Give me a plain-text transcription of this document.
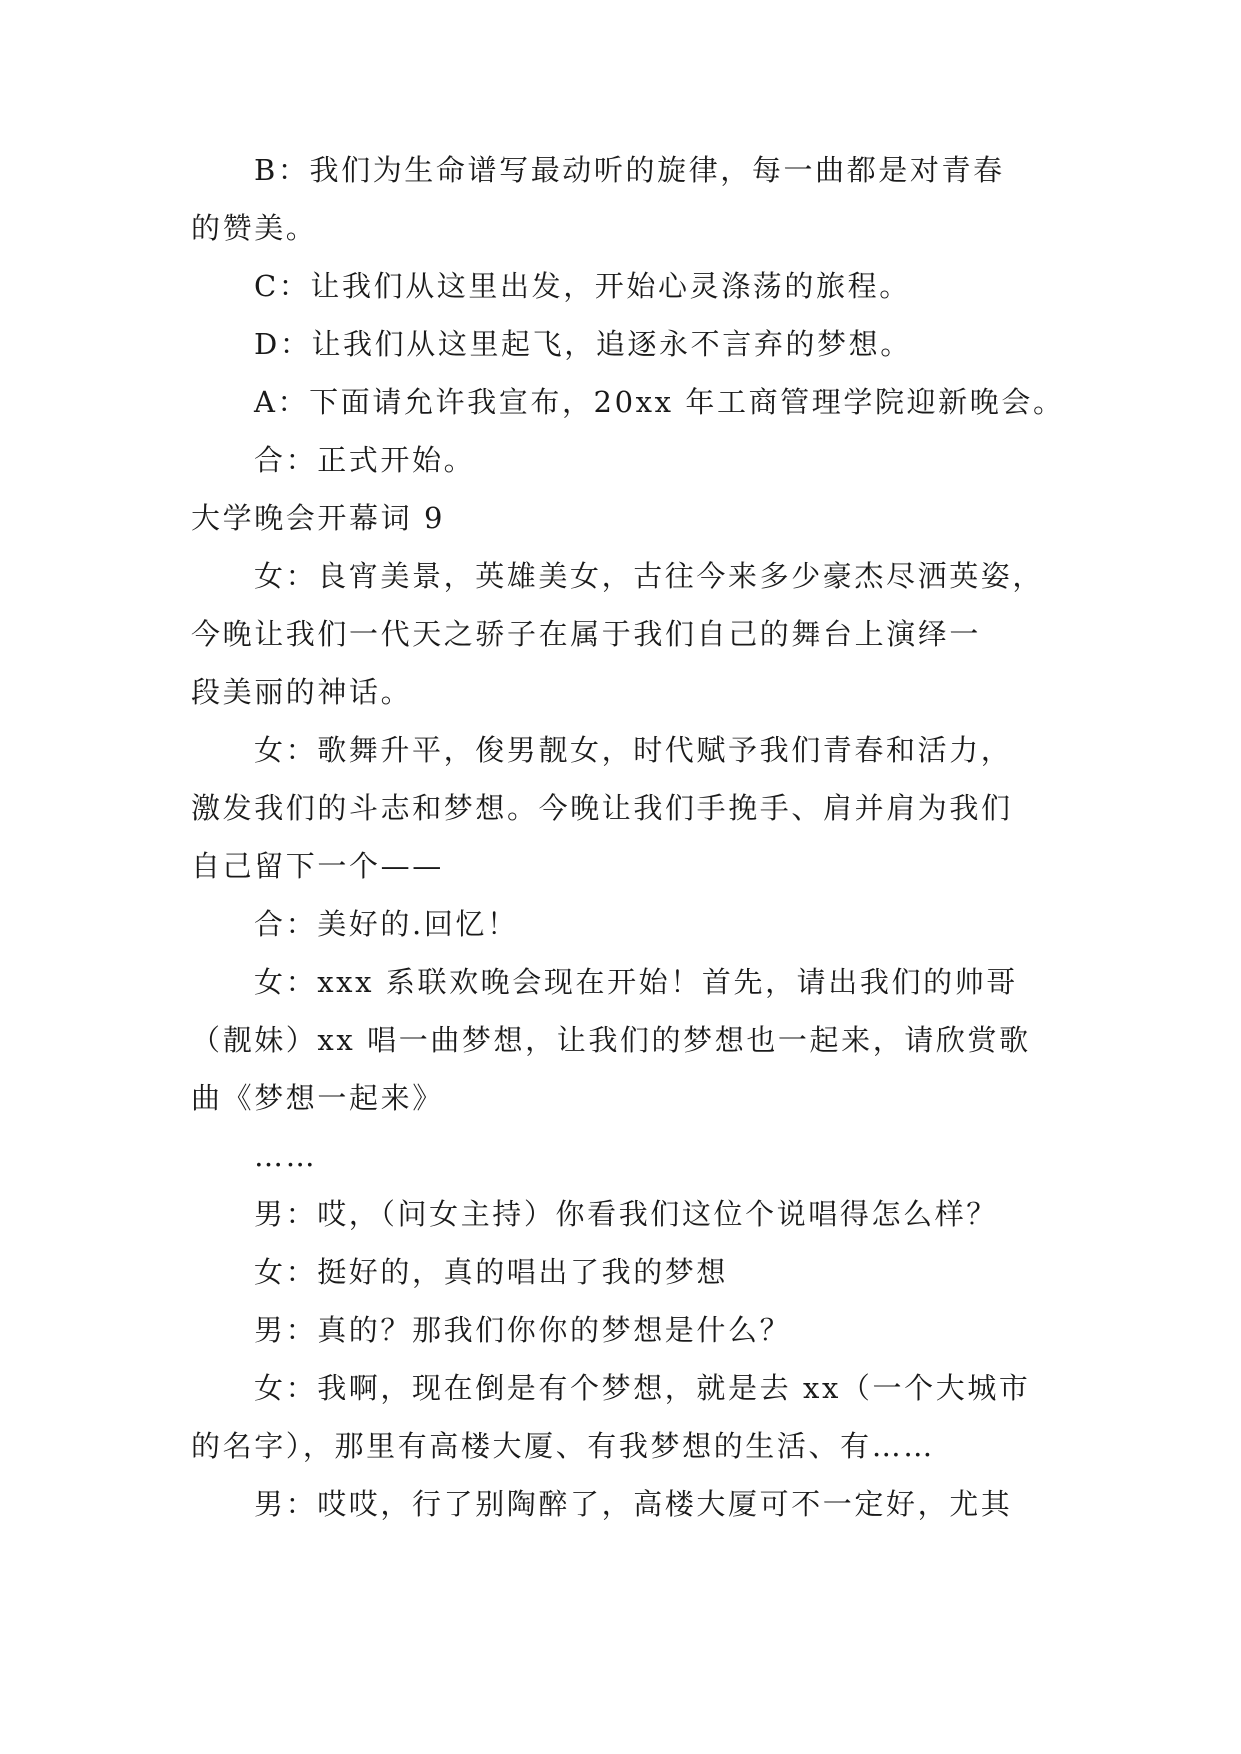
B：我们为生命谱写最动听的旋律，每一曲都是对青春
的赞美。
C：让我们从这里出发，开始心灵涤荡的旅程。
D：让我们从这里起飞，追逐永不言弃的梦想。
A：下面请允许我宣布，20xx 年工商管理学院迎新晚会。
合：正式开始。
大学晚会开幕词 9
女：良宵美景，英雄美女，古往今来多少豪杰尽洒英姿，
今晚让我们一代天之骄子在属于我们自己的舞台上演绎一
段美丽的神话。
女：歌舞升平，俊男靓女，时代赋予我们青春和活力，
激发我们的斗志和梦想。今晚让我们手挽手、肩并肩为我们
自己留下一个——
合：美好的.回忆！
女：xxx 系联欢晚会现在开始！首先，请出我们的帅哥
（靓妹）xx 唱一曲梦想，让我们的梦想也一起来，请欣赏歌
曲《梦想一起来》
……
男：哎，（问女主持）你看我们这位个说唱得怎么样？
女：挺好的，真的唱出了我的梦想
男：真的？那我们你你的梦想是什么？
女：我啊，现在倒是有个梦想，就是去 xx（一个大城市
的名字），那里有高楼大厦、有我梦想的生活、有……
男：哎哎，行了别陶醉了，高楼大厦可不一定好，尤其
